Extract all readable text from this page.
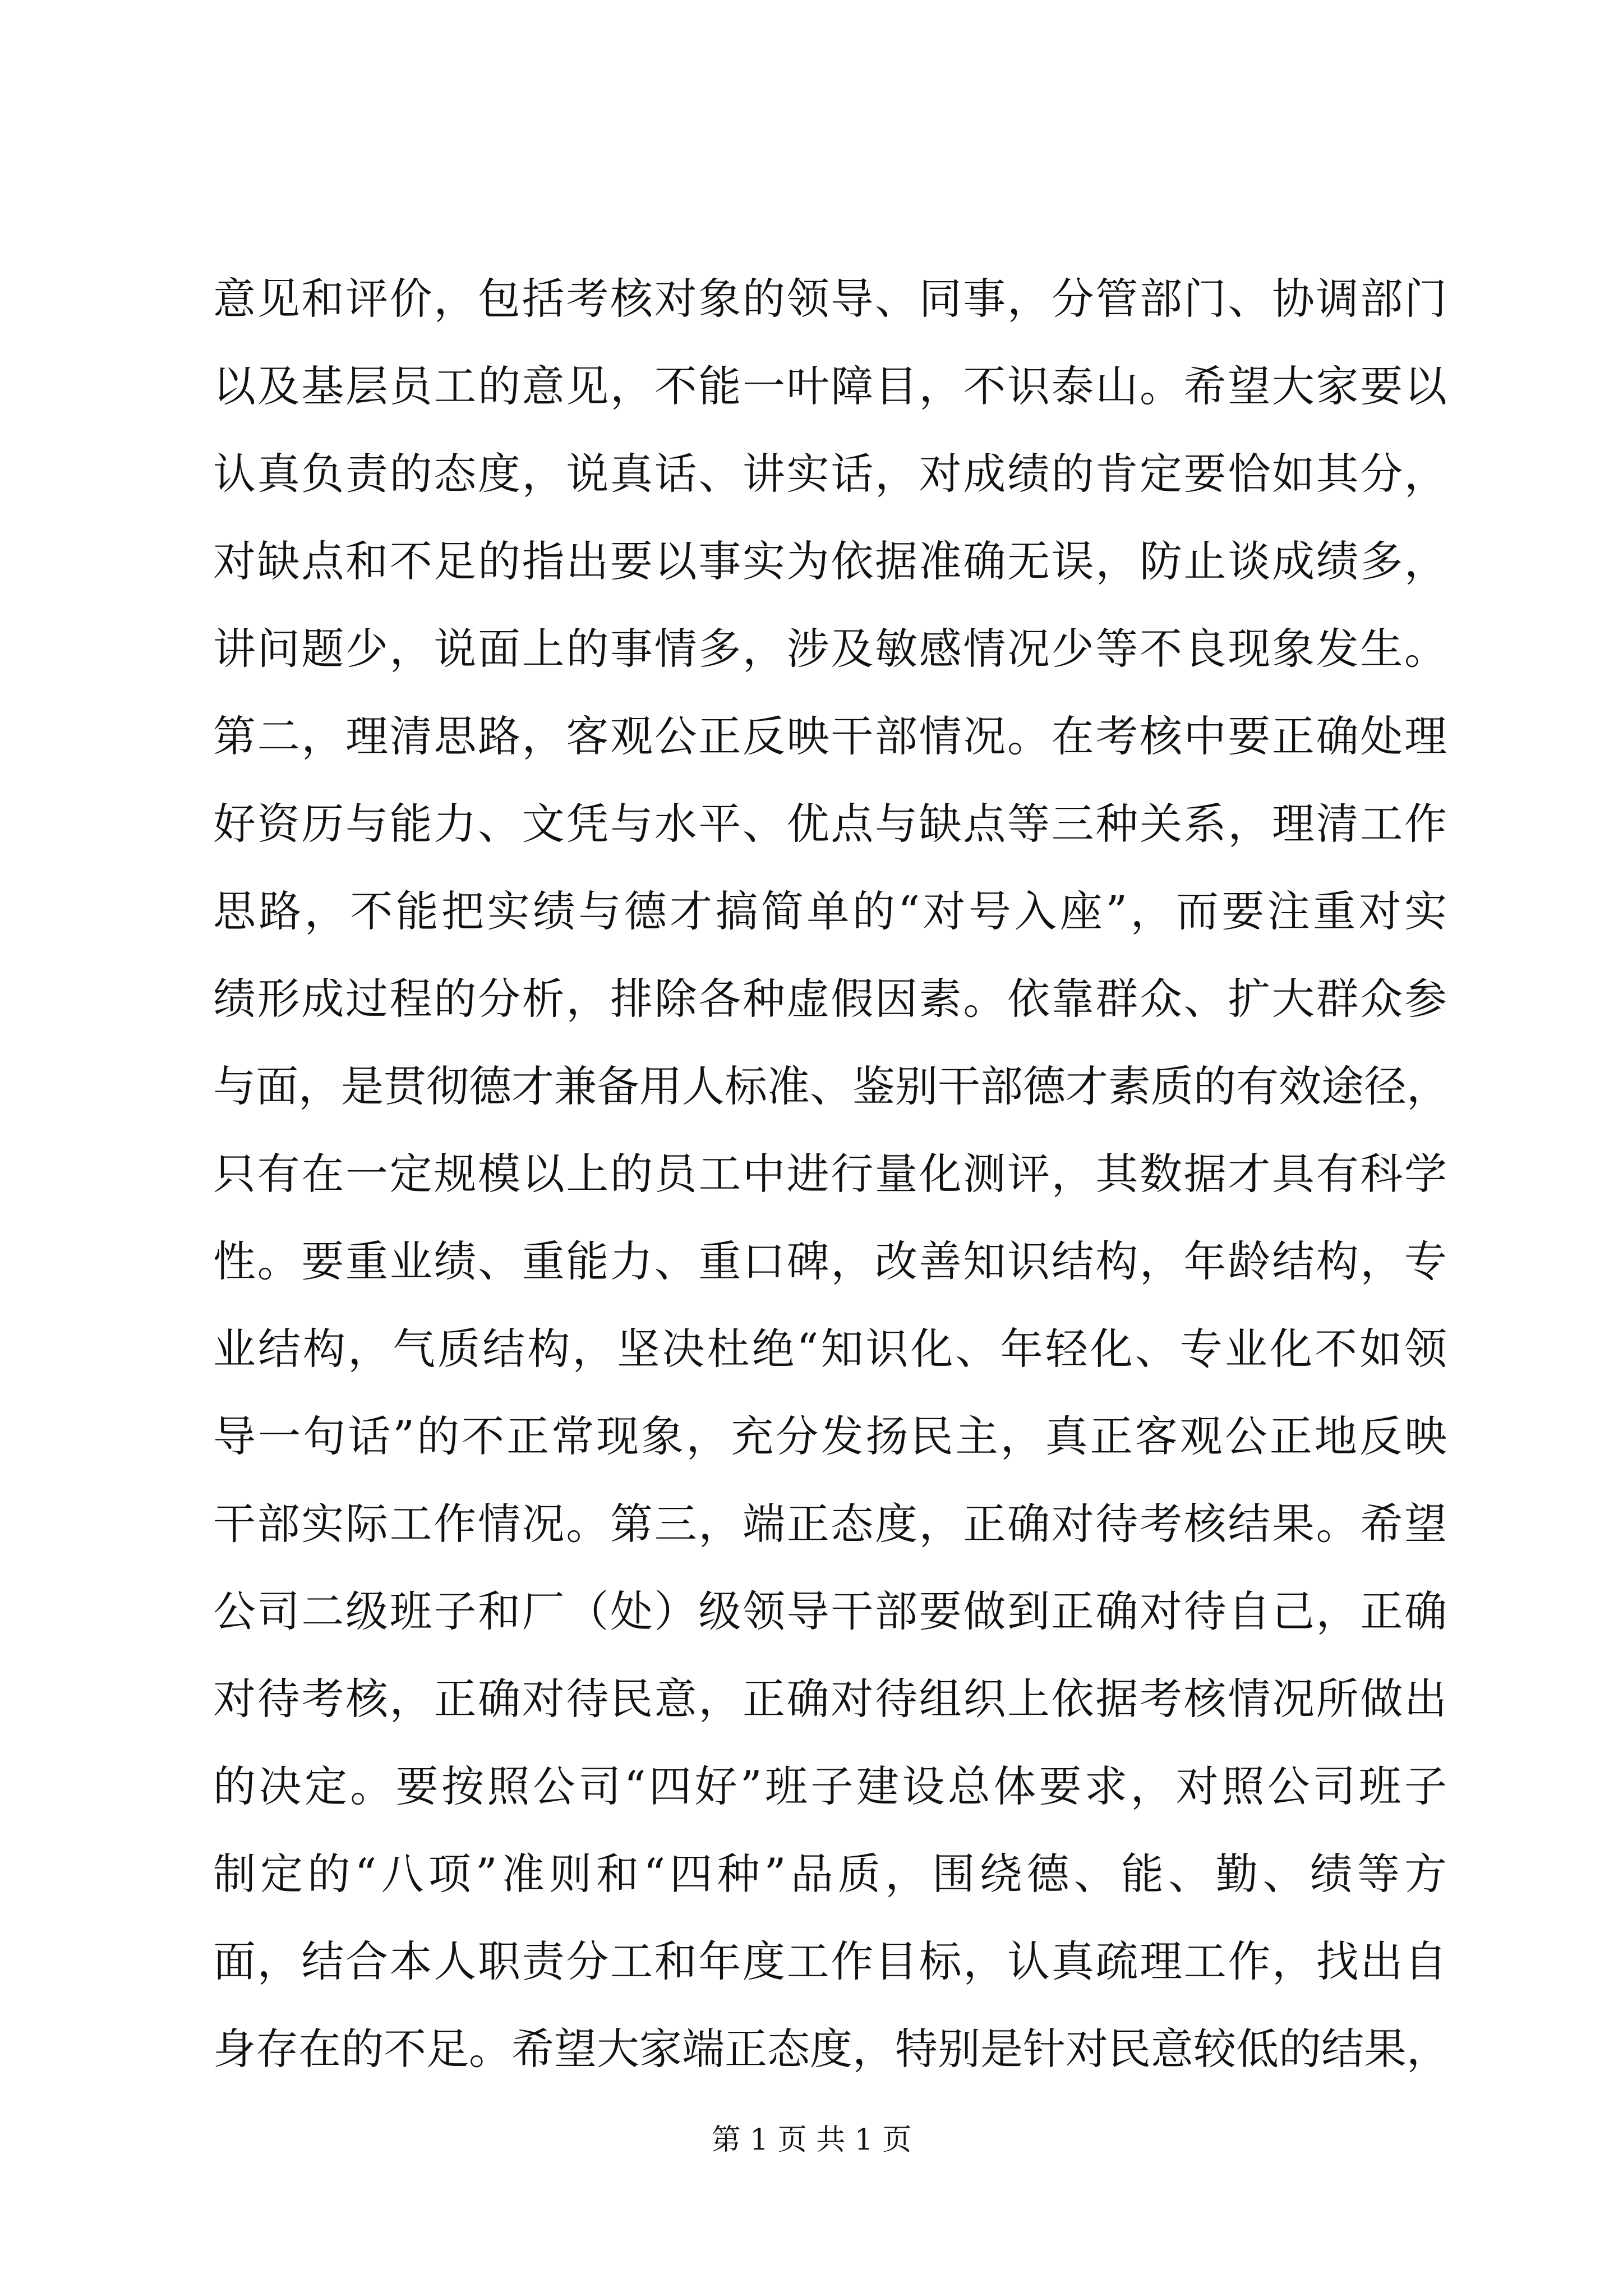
意见和评价，包括考核对象的领导、同事，分管部门、协调部门
以及基层员工的意见，不能一叶障目，不识泰山。希望大家要以
认真负责的态度，说真话、讲实话，对成绩的肯定要恰如其分，
对缺点和不足的指出要以事实为依据准确无误，防止谈成绩多，
讲问题少，说面上的事情多，涉及敏感情况少等不良现象发生。
第二，理清思路，客观公正反映干部情况。在考核中要正确处理
好资历与能力、文凭与水平、优点与缺点等三种关系，理清工作
思路，不能把实绩与德才搞简单的“对号入座”，而要注重对实
绩形成过程的分析，排除各种虚假因素。依靠群众、扩大群众参
与面，是贯彻德才兼备用人标准、鉴别干部德才素质的有效途径，
只有在一定规模以上的员工中进行量化测评，其数据才具有科学
性。要重业绩、重能力、重口碑，改善知识结构，年龄结构，专
业结构，气质结构，坚决杜绝“知识化、年轻化、专业化不如领
导一句话”的不正常现象，充分发扬民主，真正客观公正地反映
干部实际工作情况。第三，端正态度，正确对待考核结果。希望
公司二级班子和厂（处）级领导干部要做到正确对待自己，正确
对待考核，正确对待民意，正确对待组织上依据考核情况所做出
的决定。要按照公司“四好”班子建设总体要求，对照公司班子
制定的“八项”准则和“四种”品质，围绕德、能、勤、绩等方
面，结合本人职责分工和年度工作目标，认真疏理工作，找出自
身存在的不足。希望大家端正态度，特别是针对民意较低的结果，
第 1 页 共 1 页
